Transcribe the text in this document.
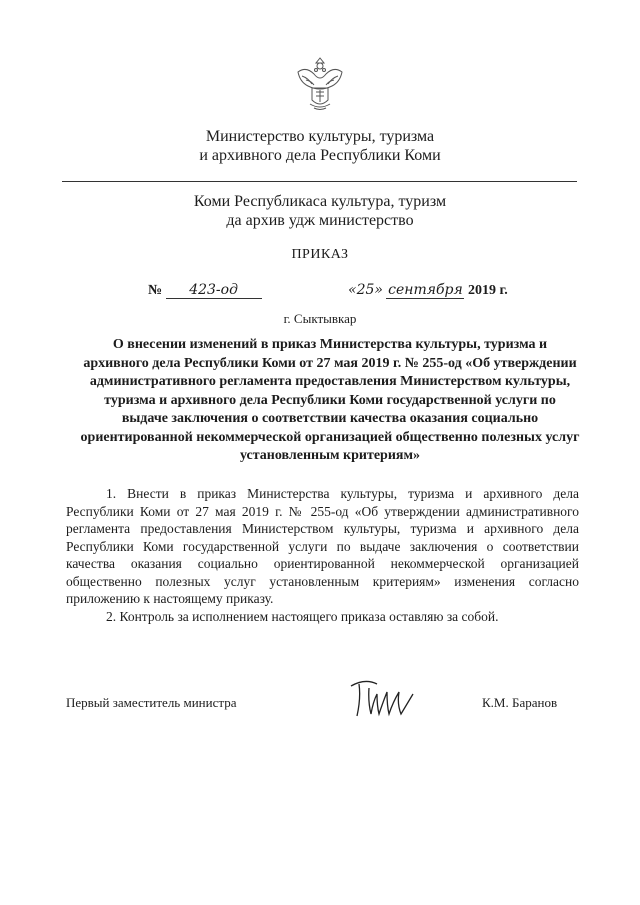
Министерство культуры, туризма
и архивного дела Республики Коми
Коми Республикаса культура, туризм
да архив удж министерство
ПРИКАЗ
№ 423-од	«25» сентября 2019 г.
г. Сыктывкар
О внесении изменений в приказ Министерства культуры, туризма и архивного дела Республики Коми от 27 мая 2019 г. № 255-од «Об утверждении административного регламента предоставления Министерством культуры, туризма и архивного дела Республики Коми государственной услуги по выдаче заключения о соответствии качества оказания социально ориентированной некоммерческой организацией общественно полезных услуг установленным критериям»

1. Внести в приказ Министерства культуры, туризма и архивного дела Республики Коми от 27 мая 2019 г. № 255-од «Об утверждении административного регламента предоставления Министерством культуры, туризма и архивного дела Республики Коми государственной услуги по выдаче заключения о соответствии качества оказания социально ориентированной некоммерческой организацией общественно полезных услуг установленным критериям» изменения согласно приложению к настоящему приказу.

2. Контроль за исполнением настоящего приказа оставляю за собой.

Первый заместитель министра	К.М. Баранов
